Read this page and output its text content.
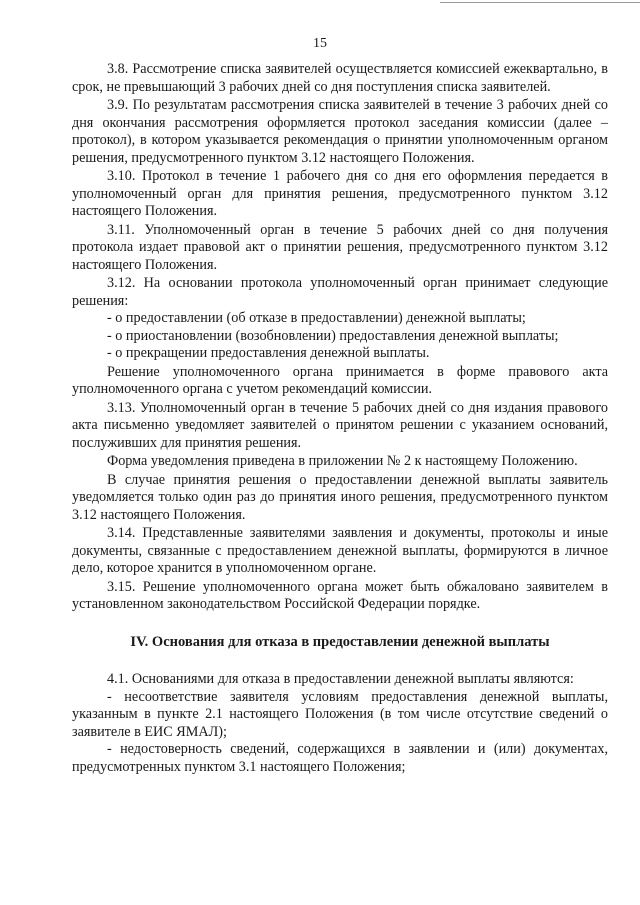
15

3.8. Рассмотрение списка заявителей осуществляется комиссией ежеквартально, в срок, не превышающий 3 рабочих дней со дня поступления списка заявителей.

3.9. По результатам рассмотрения списка заявителей в течение 3 рабочих дней со дня окончания рассмотрения оформляется протокол заседания комиссии (далее – протокол), в котором указывается рекомендация о принятии уполномоченным органом решения, предусмотренного пунктом 3.12 настоящего Положения.

3.10. Протокол в течение 1 рабочего дня со дня его оформления передается в уполномоченный орган для принятия решения, предусмотренного пунктом 3.12 настоящего Положения.

3.11. Уполномоченный орган в течение 5 рабочих дней со дня получения протокола издает правовой акт о принятии решения, предусмотренного пунктом 3.12 настоящего Положения.

3.12. На основании протокола уполномоченный орган принимает следующие решения:

- о предоставлении (об отказе в предоставлении) денежной выплаты;

- о приостановлении (возобновлении) предоставления денежной выплаты;

- о прекращении предоставления денежной выплаты.

Решение уполномоченного органа принимается в форме правового акта уполномоченного органа с учетом рекомендаций комиссии.

3.13. Уполномоченный орган в течение 5 рабочих дней со дня издания правового акта письменно уведомляет заявителей о принятом решении с указанием оснований, послуживших для принятия решения.

Форма уведомления приведена в приложении № 2 к настоящему Положению.

В случае принятия решения о предоставлении денежной выплаты заявитель уведомляется только один раз до принятия иного решения, предусмотренного пунктом 3.12 настоящего Положения.

3.14. Представленные заявителями заявления и документы, протоколы и иные документы, связанные с предоставлением денежной выплаты, формируются в личное дело, которое хранится в уполномоченном органе.

3.15. Решение уполномоченного органа может быть обжаловано заявителем в установленном законодательством Российской Федерации порядке.

IV. Основания для отказа в предоставлении денежной выплаты

4.1. Основаниями для отказа в предоставлении денежной выплаты являются:

- несоответствие заявителя условиям предоставления денежной выплаты, указанным в пункте 2.1 настоящего Положения (в том числе отсутствие сведений о заявителе в ЕИС ЯМАЛ);

- недостоверность сведений, содержащихся в заявлении и (или) документах, предусмотренных пунктом 3.1 настоящего Положения;
